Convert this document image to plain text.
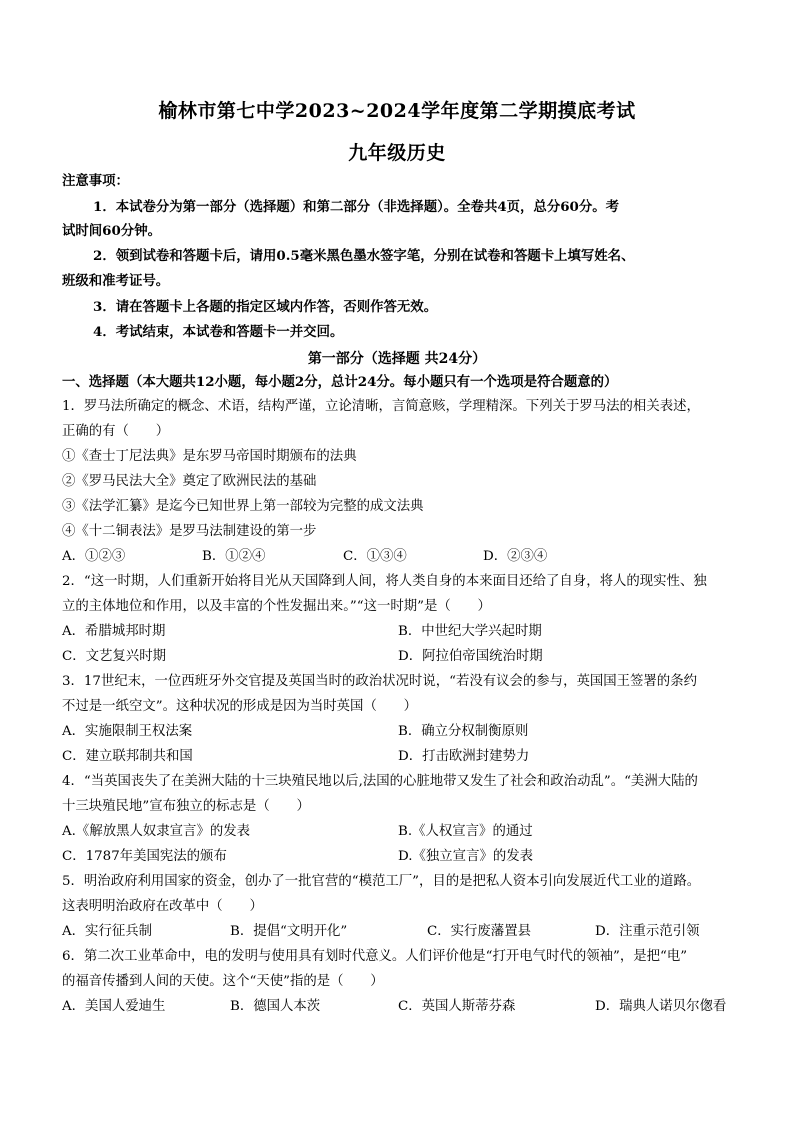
榆林市第七中学2023~2024学年度第二学期摸底考试
九年级历史
注意事项：
1．本试卷分为第一部分（选择题）和第二部分（非选择题）。全卷共4页，总分60分。考
试时间60分钟。
2．领到试卷和答题卡后，请用0.5毫米黑色墨水签字笔，分别在试卷和答题卡上填写姓名、
班级和准考证号。
3．请在答题卡上各题的指定区域内作答，否则作答无效。
4．考试结束，本试卷和答题卡一并交回。
第一部分（选择题 共24分）
一、选择题（本大题共12小题，每小题2分，总计24分。每小题只有一个选项是符合题意的）
1．罗马法所确定的概念、术语，结构严谨，立论清晰，言简意赅，学理精深。下列关于罗马法的相关表述，
正确的有（　　）
①《查士丁尼法典》是东罗马帝国时期颁布的法典
②《罗马民法大全》奠定了欧洲民法的基础
③《法学汇纂》是迄今已知世界上第一部较为完整的成文法典
④《十二铜表法》是罗马法制建设的第一步
A．①②③	B．①②④	C．①③④	D．②③④
2．“这一时期，人们重新开始将目光从天国降到人间，将人类自身的本来面目还给了自身，将人的现实性、独
立的主体地位和作用，以及丰富的个性发掘出来。”“这一时期”是（　　）
A．希腊城邦时期	B．中世纪大学兴起时期
C．文艺复兴时期	D．阿拉伯帝国统治时期
3．17世纪末，一位西班牙外交官提及英国当时的政治状况时说，“若没有议会的参与，英国国王签署的条约
不过是一纸空文”。这种状况的形成是因为当时英国（　　）
A．实施限制王权法案	B．确立分权制衡原则
C．建立联邦制共和国	D．打击欧洲封建势力
4．“当英国丧失了在美洲大陆的十三块殖民地以后,法国的心脏地带又发生了社会和政治动乱”。“美洲大陆的
十三块殖民地”宣布独立的标志是（　　）
A.《解放黑人奴隶宣言》的发表	B.《人权宣言》的通过
C．1787年美国宪法的颁布	D.《独立宣言》的发表
5．明治政府利用国家的资金，创办了一批官营的“模范工厂”，目的是把私人资本引向发展近代工业的道路。
这表明明治政府在改革中（　　）
A．实行征兵制	B．提倡“文明开化”	C．实行废藩置县	D．注重示范引领
6．第二次工业革命中，电的发明与使用具有划时代意义。人们评价他是“打开电气时代的领袖”，是把“电”
的福音传播到人间的天使。这个“天使”指的是（　　）
A．美国人爱迪生	B．德国人本茨	C．英国人斯蒂芬森	D．瑞典人诺贝尔偬看
